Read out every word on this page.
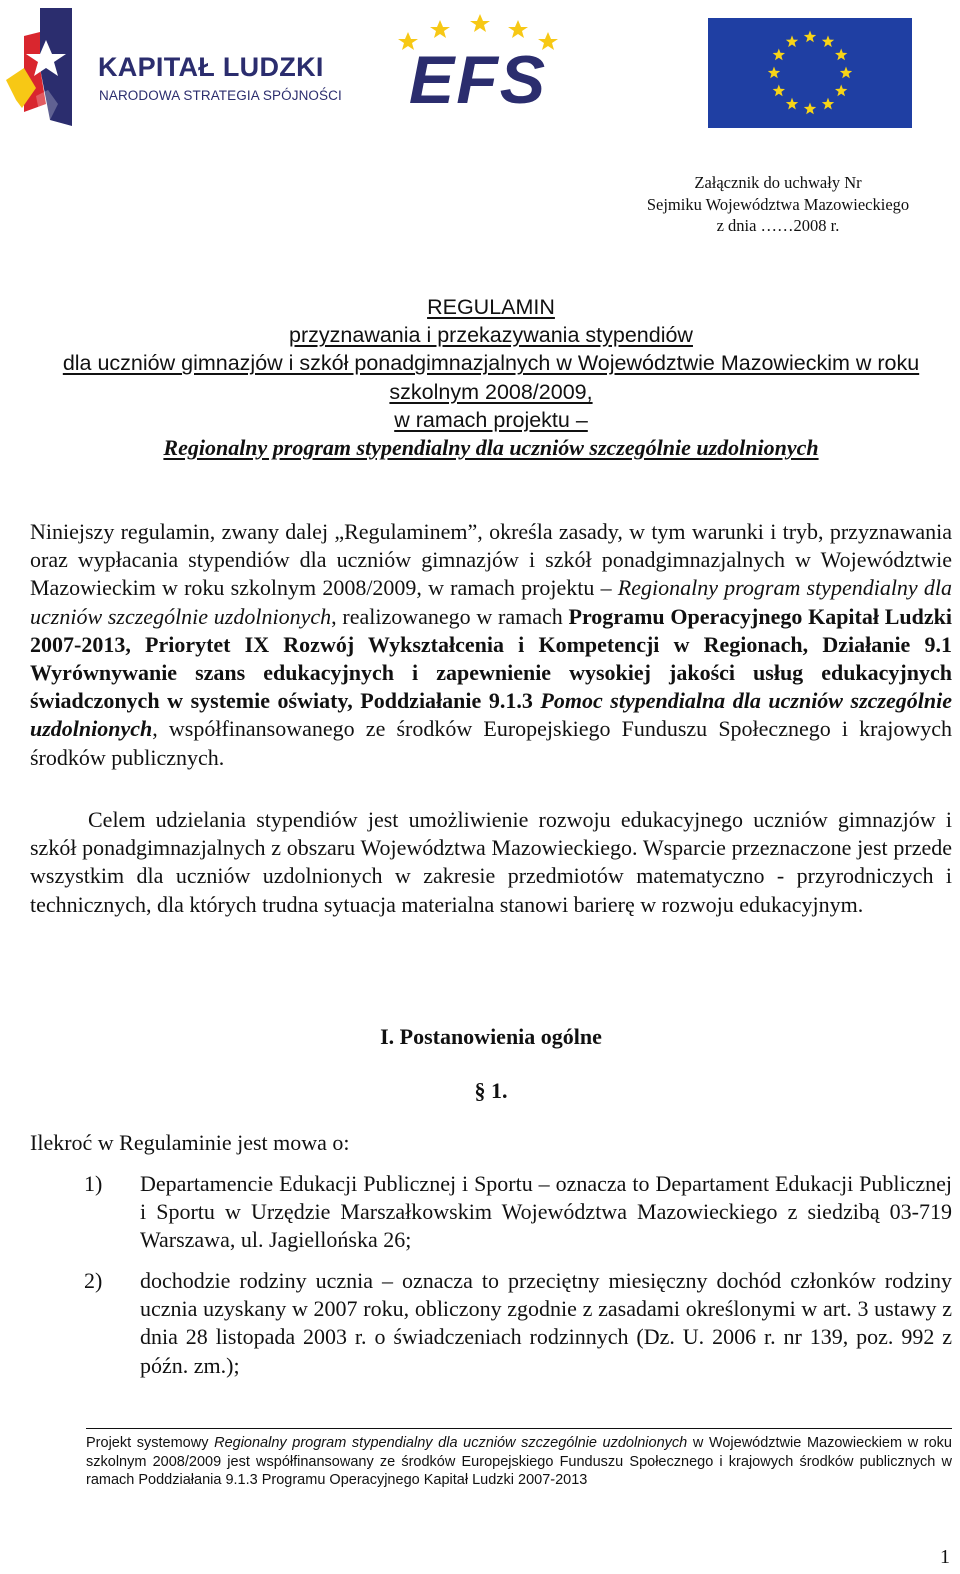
KAPITAŁ LUDZKI
NARODOWA STRATEGIA SPÓJNOŚCI EFS
Załącznik do uchwały Nr
Sejmiku Województwa Mazowieckiego
z dnia ……2008 r.
REGULAMIN
przyznawania i przekazywania stypendiów
dla uczniów gimnazjów i szkół ponadgimnazjalnych w Województwie Mazowieckim w roku
szkolnym 2008/2009,
w ramach projektu –
Regionalny program stypendialny dla uczniów szczególnie uzdolnionych
Niniejszy regulamin, zwany dalej „Regulaminem”, określa zasady, w tym warunki i tryb, przyznawania oraz wypłacania stypendiów dla uczniów gimnazjów i szkół ponadgimnazjalnych w Województwie Mazowieckim w roku szkolnym 2008/2009, w ramach projektu – Regionalny program stypendialny dla uczniów szczególnie uzdolnionych, realizowanego w ramach Programu Operacyjnego Kapitał Ludzki 2007-2013, Priorytet IX Rozwój Wykształcenia i Kompetencji w Regionach, Działanie 9.1 Wyrównywanie szans edukacyjnych i zapewnienie wysokiej jakości usług edukacyjnych świadczonych w systemie oświaty, Poddziałanie 9.1.3 Pomoc stypendialna dla uczniów szczególnie uzdolnionych, współfinansowanego ze środków Europejskiego Funduszu Społecznego i krajowych środków publicznych.
Celem udzielania stypendiów jest umożliwienie rozwoju edukacyjnego uczniów gimnazjów i szkół ponadgimnazjalnych z obszaru Województwa Mazowieckiego. Wsparcie przeznaczone jest przede wszystkim dla uczniów uzdolnionych w zakresie przedmiotów matematyczno - przyrodniczych i technicznych, dla których trudna sytuacja materialna stanowi barierę w rozwoju edukacyjnym.
I. Postanowienia ogólne
§ 1.
Ilekroć w Regulaminie jest mowa o:
1)	Departamencie Edukacji Publicznej i Sportu – oznacza to Departament Edukacji Publicznej i Sportu w Urzędzie Marszałkowskim Województwa Mazowieckiego z siedzibą 03-719 Warszawa, ul. Jagiellońska 26;
2)	dochodzie rodziny ucznia – oznacza to przeciętny miesięczny dochód członków rodziny ucznia uzyskany w 2007 roku, obliczony zgodnie z zasadami określonymi w art. 3 ustawy z dnia 28 listopada 2003 r. o świadczeniach rodzinnych (Dz. U. 2006 r. nr 139, poz. 992 z późn. zm.);
Projekt systemowy Regionalny program stypendialny dla uczniów szczególnie uzdolnionych w Województwie Mazowieckiem w roku szkolnym 2008/2009 jest współfinansowany ze środków Europejskiego Funduszu Społecznego i krajowych środków publicznych w ramach Poddziałania 9.1.3 Programu Operacyjnego Kapitał Ludzki 2007-2013
1
